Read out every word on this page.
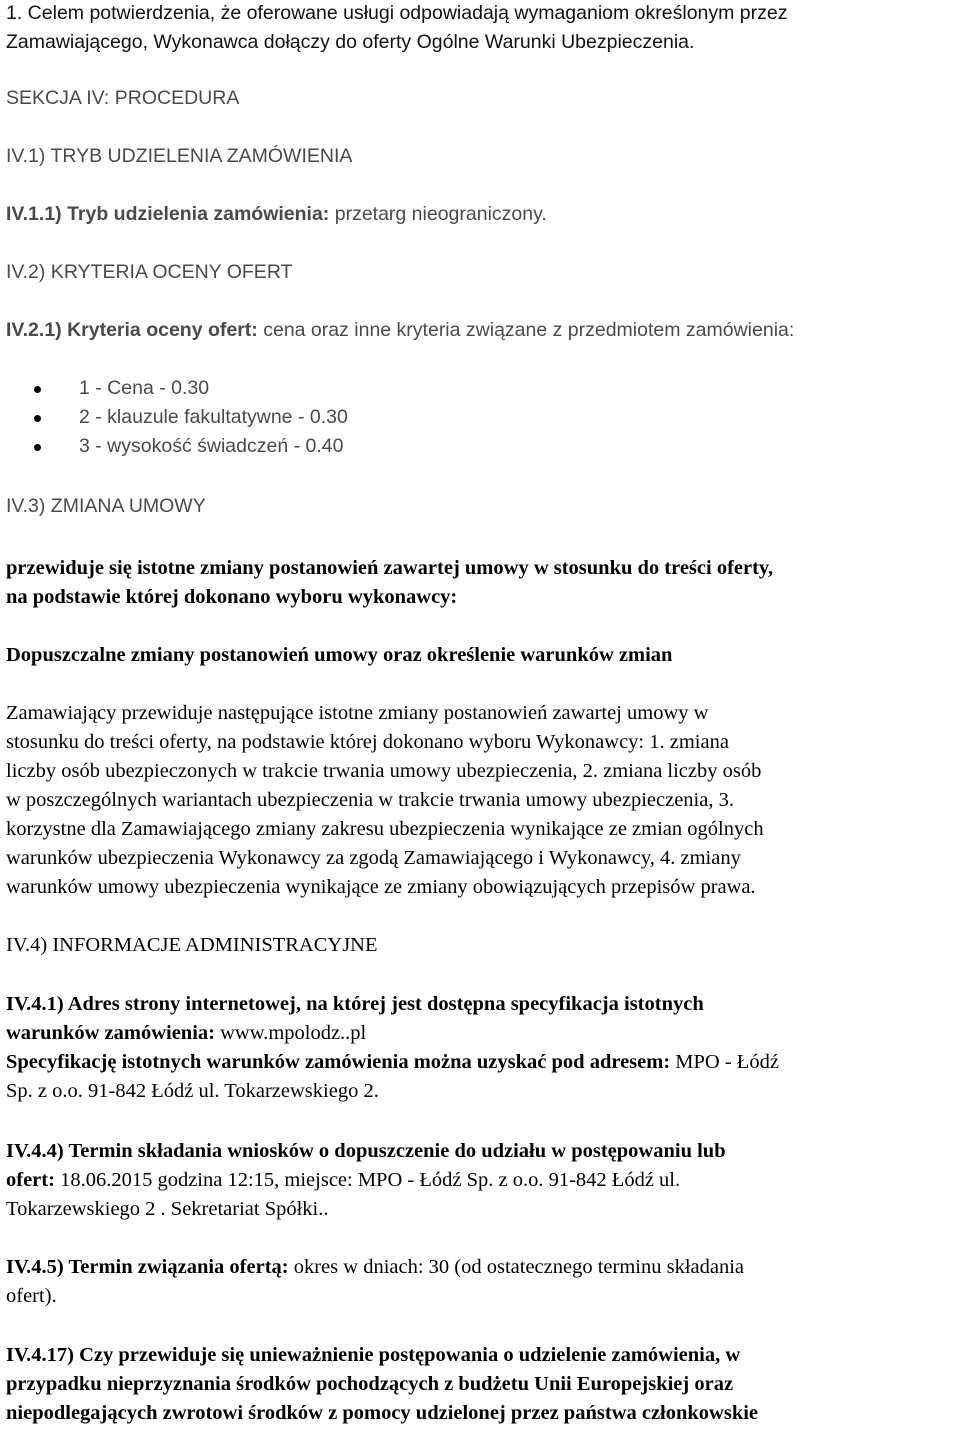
1. Celem potwierdzenia, że oferowane usługi odpowiadają wymaganiom określonym przez

Zamawiającego, Wykonawca dołączy do oferty Ogólne Warunki Ubezpieczenia.

SEKCJA IV: PROCEDURA
IV.1) TRYB UDZIELENIA ZAMÓWIENIA
IV.1.1) Tryb udzielenia zamówienia: przetarg nieograniczony.
IV.2) KRYTERIA OCENY OFERT
IV.2.1) Kryteria oceny ofert: cena oraz inne kryteria związane z przedmiotem zamówienia:
1 - Cena - 0.30
2 - klauzule fakultatywne - 0.30
3 - wysokość świadczeń - 0.40
IV.3) ZMIANA UMOWY

przewiduje się istotne zmiany postanowień zawartej umowy w stosunku do treści oferty,

na podstawie której dokonano wyboru wykonawcy:

Dopuszczalne zmiany postanowień umowy oraz określenie warunków zmian

Zamawiający przewiduje następujące istotne zmiany postanowień zawartej umowy w

stosunku do treści oferty, na podstawie której dokonano wyboru Wykonawcy: 1. zmiana

liczby osób ubezpieczonych w trakcie trwania umowy ubezpieczenia, 2. zmiana liczby osób

w poszczególnych wariantach ubezpieczenia w trakcie trwania umowy ubezpieczenia, 3.

korzystne dla Zamawiającego zmiany zakresu ubezpieczenia wynikające ze zmian ogólnych

warunków ubezpieczenia Wykonawcy za zgodą Zamawiającego i Wykonawcy, 4. zmiany

warunków umowy ubezpieczenia wynikające ze zmiany obowiązujących przepisów prawa.

IV.4) INFORMACJE ADMINISTRACYJNE

IV.4.1) Adres strony internetowej, na której jest dostępna specyfikacja istotnych

warunków zamówienia: www.mpolodz..pl

Specyfikację istotnych warunków zamówienia można uzyskać pod adresem: MPO - Łódź

Sp. z o.o. 91-842 Łódź ul. Tokarzewskiego 2.

IV.4.4) Termin składania wniosków o dopuszczenie do udziału w postępowaniu lub

ofert: 18.06.2015 godzina 12:15, miejsce: MPO - Łódź Sp. z o.o. 91-842 Łódź ul.

Tokarzewskiego 2 . Sekretariat Spółki..

IV.4.5) Termin związania ofertą: okres w dniach: 30 (od ostatecznego terminu składania

ofert).

IV.4.17) Czy przewiduje się unieważnienie postępowania o udzielenie zamówienia, w

przypadku nieprzyznania środków pochodzących z budżetu Unii Europejskiej oraz

niepodlegających zwrotowi środków z pomocy udzielonej przez państwa członkowskie
